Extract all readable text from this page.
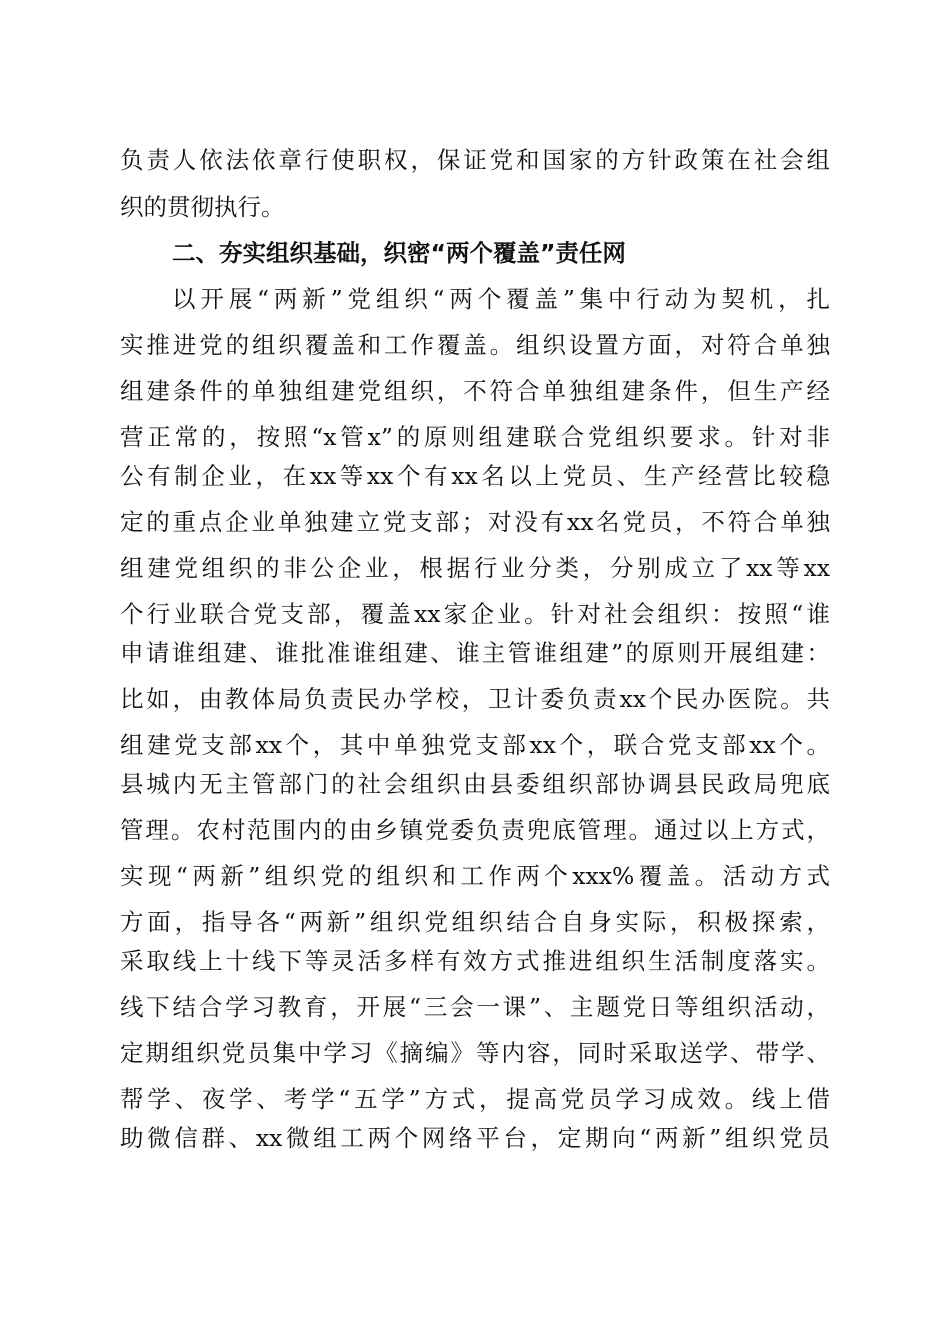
负责人依法依章行使职权，保证党和国家的方针政策在社会组
织的贯彻执行。
二、夯实组织基础，织密“两个覆盖”责任网
以开展“两新”党组织“两个覆盖”集中行动为契机，扎
实推进党的组织覆盖和工作覆盖。组织设置方面，对符合单独
组建条件的单独组建党组织，不符合单独组建条件，但生产经
营正常的，按照“x管x”的原则组建联合党组织要求。针对非
公有制企业，在xx等xx个有xx名以上党员、生产经营比较稳
定的重点企业单独建立党支部；对没有xx名党员，不符合单独
组建党组织的非公企业，根据行业分类，分别成立了xx等xx
个行业联合党支部，覆盖xx家企业。针对社会组织：按照“谁
申请谁组建、谁批准谁组建、谁主管谁组建”的原则开展组建：
比如，由教体局负责民办学校，卫计委负责xx个民办医院。共
组建党支部xx个，其中单独党支部xx个，联合党支部xx个。
县城内无主管部门的社会组织由县委组织部协调县民政局兜底
管理。农村范围内的由乡镇党委负责兜底管理。通过以上方式，
实现“两新”组织党的组织和工作两个xxx%覆盖。活动方式
方面，指导各“两新”组织党组织结合自身实际，积极探索，
采取线上十线下等灵活多样有效方式推进组织生活制度落实。
线下结合学习教育，开展“三会一课”、主题党日等组织活动，
定期组织党员集中学习《摘编》等内容，同时采取送学、带学、
帮学、夜学、考学“五学”方式，提高党员学习成效。线上借
助微信群、xx微组工两个网络平台，定期向“两新”组织党员
